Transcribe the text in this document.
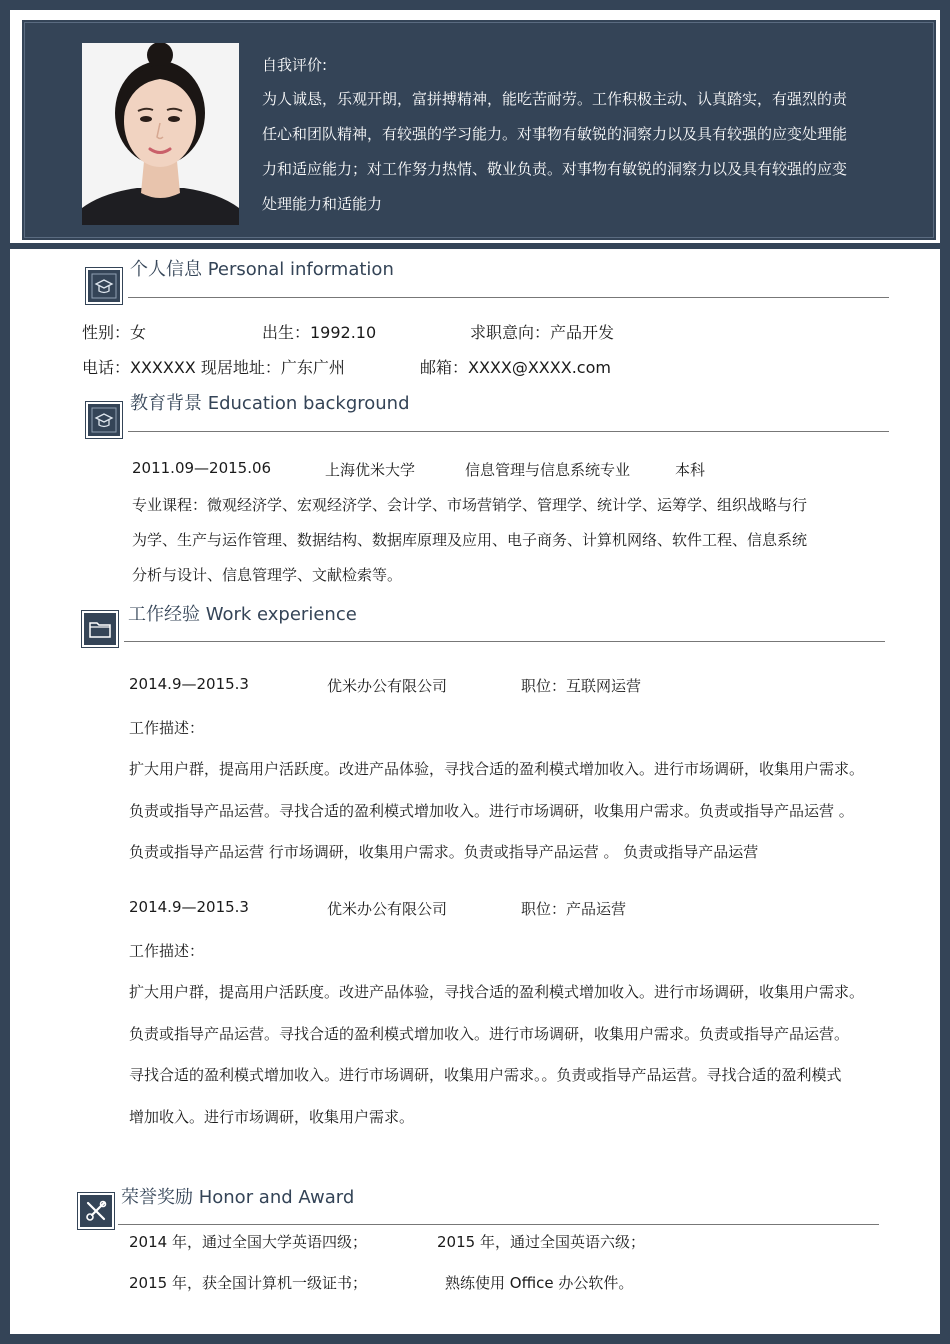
自我评价:
为人诚恳，乐观开朗，富拼搏精神，能吃苦耐劳。工作积极主动、认真踏实，有强烈的责
任心和团队精神，有较强的学习能力。对事物有敏锐的洞察力以及具有较强的应变处理能
力和适应能力；对工作努力热情、敬业负责。对事物有敏锐的洞察力以及具有较强的应变
处理能力和适能力
个人信息 Personal information
性别：女	出生：1992.10	求职意向：产品开发
电话：XXXXXX 现居地址：广东广州	邮箱：XXXX@XXXX.com
教育背景 Education background
2011.09—2015.06	上海优米大学	信息管理与信息系统专业	本科
专业课程：微观经济学、宏观经济学、会计学、市场营销学、管理学、统计学、运筹学、组织战略与行
为学、生产与运作管理、数据结构、数据库原理及应用、电子商务、计算机网络、软件工程、信息系统
分析与设计、信息管理学、文献检索等。
工作经验 Work experience
2014.9—2015.3	优米办公有限公司	职位：互联网运营
工作描述：
扩大用户群，提高用户活跃度。改进产品体验，寻找合适的盈利模式增加收入。进行市场调研，收集用户需求。
负责或指导产品运营。寻找合适的盈利模式增加收入。进行市场调研，收集用户需求。负责或指导产品运营 。
负责或指导产品运营 行市场调研，收集用户需求。负责或指导产品运营 。 负责或指导产品运营
2014.9—2015.3	优米办公有限公司	职位：产品运营
工作描述：
扩大用户群，提高用户活跃度。改进产品体验，寻找合适的盈利模式增加收入。进行市场调研，收集用户需求。
负责或指导产品运营。寻找合适的盈利模式增加收入。进行市场调研，收集用户需求。负责或指导产品运营。
寻找合适的盈利模式增加收入。进行市场调研，收集用户需求。。负责或指导产品运营。寻找合适的盈利模式
增加收入。进行市场调研，收集用户需求。
荣誉奖励 Honor and Award
2014 年，通过全国大学英语四级；	2015 年，通过全国英语六级；
2015 年，获全国计算机一级证书；	熟练使用 Office 办公软件。
